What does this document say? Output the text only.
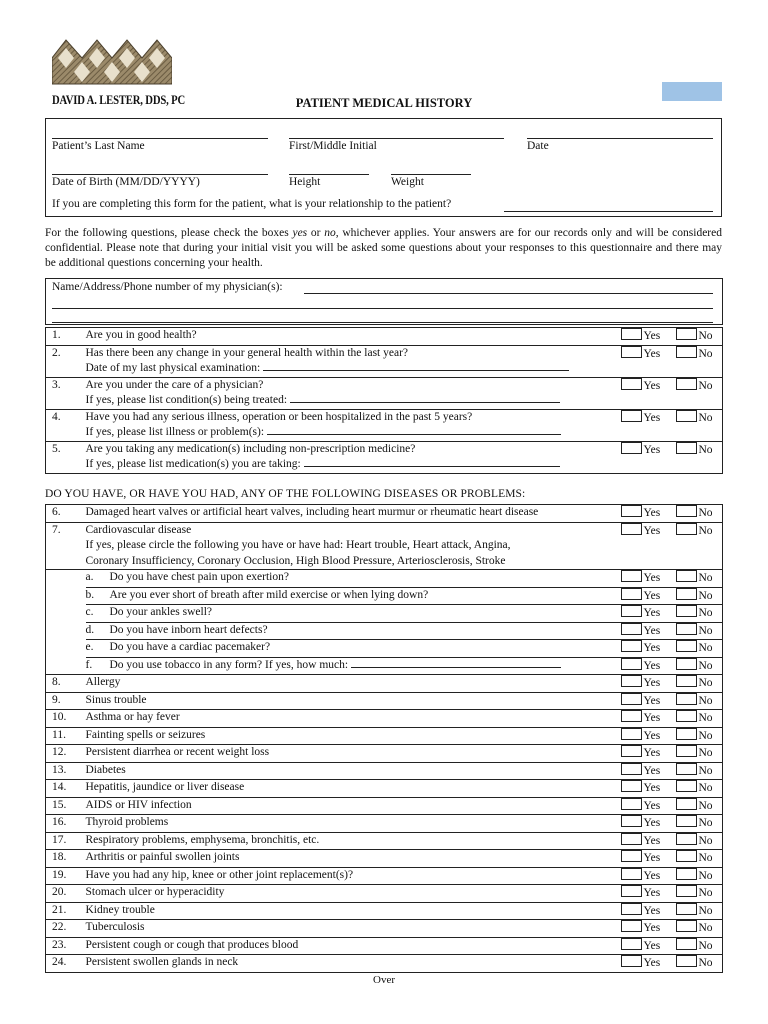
DAVID A. LESTER, DDS, PC	PATIENT MEDICAL HISTORY
Patient’s Last Name	First/Middle Initial	Date
Date of Birth (MM/DD/YYYY)	Height	Weight
If you are completing this form for the patient, what is your relationship to the patient?
For the following questions, please check the boxes yes or no, whichever applies. Your answers are for our records only and will be considered confidential. Please note that during your initial visit you will be asked some questions about your responses to this questionnaire and there may be additional questions concerning your health.
Name/Address/Phone number of my physician(s):
1.	Are you in good health?	Yes No
2.	Has there been any change in your general health within the last year?
Date of my last physical examination:	Yes No
3.	Are you under the care of a physician?
If yes, please list condition(s) being treated:	Yes No
4.	Have you had any serious illness, operation or been hospitalized in the past 5 years?
If yes, please list illness or problem(s):	Yes No
5.	Are you taking any medication(s) including non-prescription medicine?
If yes, please list medication(s) you are taking:	Yes No
DO YOU HAVE, OR HAVE YOU HAD, ANY OF THE FOLLOWING DISEASES OR PROBLEMS:
6.	Damaged heart valves or artificial heart valves, including heart murmur or rheumatic heart disease	Yes No
7.	Cardiovascular disease
If yes, please circle the following you have or have had: Heart trouble, Heart attack, Angina,
Coronary Insufficiency, Coronary Occlusion, High Blood Pressure, Arteriosclerosis, Stroke	Yes No
	a. Do you have chest pain upon exertion?	Yes No
	b. Are you ever short of breath after mild exercise or when lying down?	Yes No
	c. Do your ankles swell?	Yes No
	d. Do you have inborn heart defects?	Yes No
	e. Do you have a cardiac pacemaker?	Yes No
	f. Do you use tobacco in any form? If yes, how much:	Yes No
8.	Allergy	Yes No
9.	Sinus trouble	Yes No
10.	Asthma or hay fever	Yes No
11.	Fainting spells or seizures	Yes No
12.	Persistent diarrhea or recent weight loss	Yes No
13.	Diabetes	Yes No
14.	Hepatitis, jaundice or liver disease	Yes No
15.	AIDS or HIV infection	Yes No
16.	Thyroid problems	Yes No
17.	Respiratory problems, emphysema, bronchitis, etc.	Yes No
18.	Arthritis or painful swollen joints	Yes No
19.	Have you had any hip, knee or other joint replacement(s)?	Yes No
20.	Stomach ulcer or hyperacidity	Yes No
21.	Kidney trouble	Yes No
22.	Tuberculosis	Yes No
23.	Persistent cough or cough that produces blood	Yes No
24.	Persistent swollen glands in neck	Yes No
Over
